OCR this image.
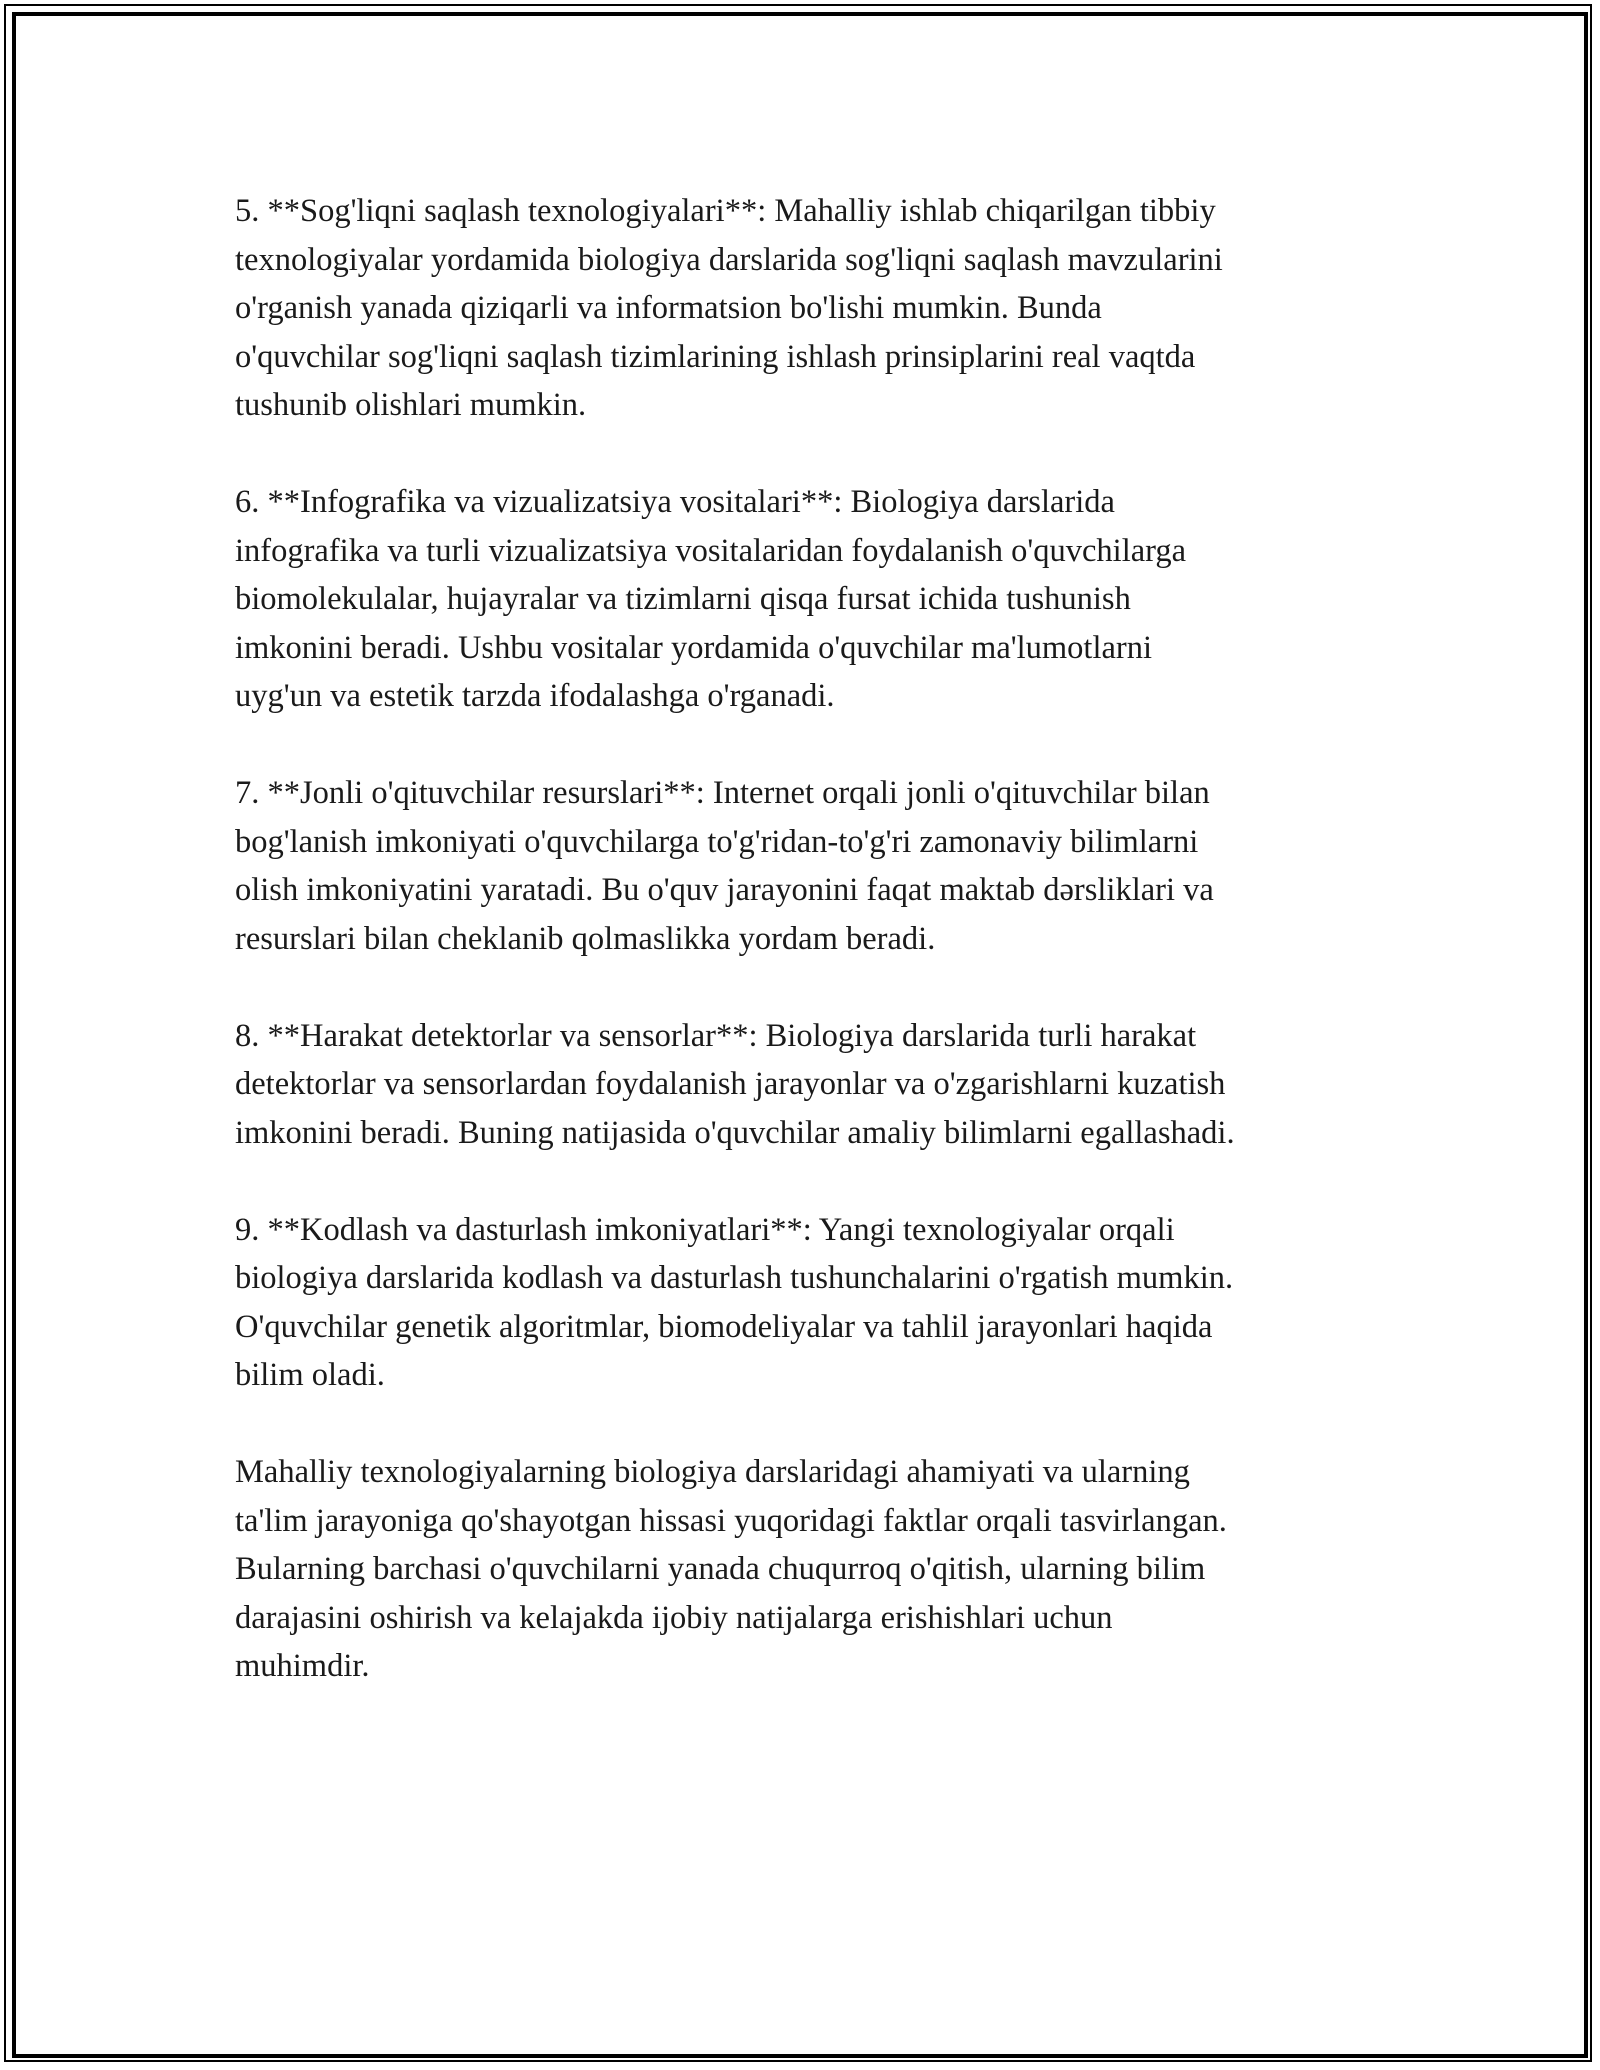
5. **Sog'liqni saqlash texnologiyalari**: Mahalliy ishlab chiqarilgan tibbiy
texnologiyalar yordamida biologiya darslarida sog'liqni saqlash mavzularini
o'rganish yanada qiziqarli va informatsion bo'lishi mumkin. Bunda
o'quvchilar sog'liqni saqlash tizimlarining ishlash prinsiplarini real vaqtda
tushunib olishlari mumkin.

6. **Infografika va vizualizatsiya vositalari**: Biologiya darslarida
infografika va turli vizualizatsiya vositalaridan foydalanish o'quvchilarga
biomolekulalar, hujayralar va tizimlarni qisqa fursat ichida tushunish
imkonini beradi. Ushbu vositalar yordamida o'quvchilar ma'lumotlarni
uyg'un va estetik tarzda ifodalashga o'rganadi.

7. **Jonli o'qituvchilar resurslari**: Internet orqali jonli o'qituvchilar bilan
bog'lanish imkoniyati o'quvchilarga to'g'ridan-to'g'ri zamonaviy bilimlarni
olish imkoniyatini yaratadi. Bu o'quv jarayonini faqat maktab dərsliklari va
resurslari bilan cheklanib qolmaslikka yordam beradi.

8. **Harakat detektorlar va sensorlar**: Biologiya darslarida turli harakat
detektorlar va sensorlardan foydalanish jarayonlar va o'zgarishlarni kuzatish
imkonini beradi. Buning natijasida o'quvchilar amaliy bilimlarni egallashadi.

9. **Kodlash va dasturlash imkoniyatlari**: Yangi texnologiyalar orqali
biologiya darslarida kodlash va dasturlash tushunchalarini o'rgatish mumkin.
O'quvchilar genetik algoritmlar, biomodeliyalar va tahlil jarayonlari haqida
bilim oladi.

Mahalliy texnologiyalarning biologiya darslaridagi ahamiyati va ularning
ta'lim jarayoniga qo'shayotgan hissasi yuqoridagi faktlar orqali tasvirlangan.
Bularning barchasi o'quvchilarni yanada chuqurroq o'qitish, ularning bilim
darajasini oshirish va kelajakda ijobiy natijalarga erishishlari uchun
muhimdir.
